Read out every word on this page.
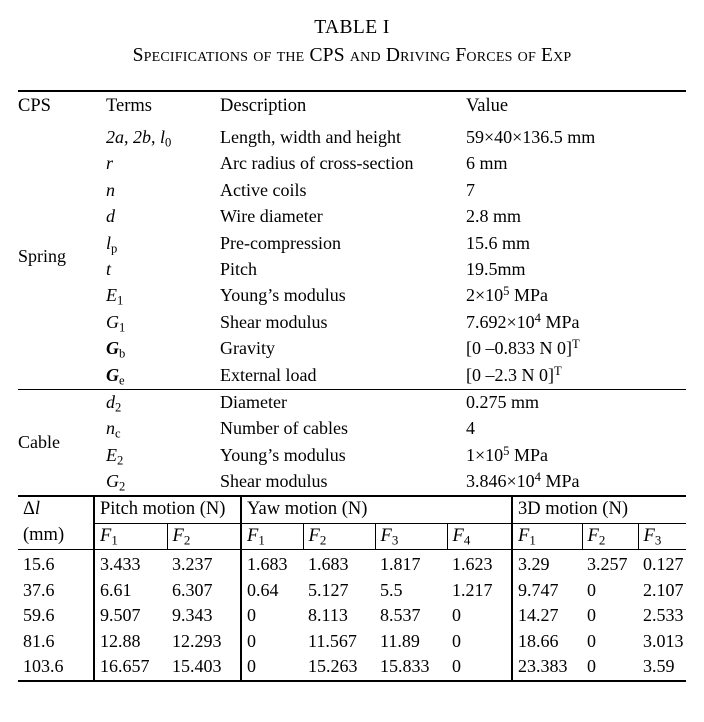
TABLE I
Specifications of the CPS and Driving Forces of Exp
CPS	Terms	Description	Value
Spring	2a, 2b, $l_0$	Length, width and height	59×40×136.5 mm
	r	Arc radius of cross-section	6 mm
	n	Active coils	7
	d	Wire diameter	2.8 mm
	$l_p$	Pre-compression	15.6 mm
	t	Pitch	19.5mm
	$E_1$	Young’s modulus	$2\times 10^5$ MPa
	$G_1$	Shear modulus	$7.692\times 10^4$ MPa
	$G_b$	Gravity	[0 –0.833 N 0]$^T$
	$G_e$	External load	[0 –2.3 N 0]$^T$

Cable	$d_2$	Diameter	0.275 mm
	$n_c$	Number of cables	4
	$E_2$	Young’s modulus	$1\times 10^5$ MPa
	$G_2$	Shear modulus	$3.846\times 10^4$ MPa

Δl
(mm)	Pitch motion (N)		Yaw motion (N)				3D motion (N)		
	$F_1$	$F_2$	$F_1$	$F_2$	$F_3$	$F_4$	$F_1$	$F_2$	$F_3$
15.6	3.433	3.237	1.683	1.683	1.817	1.623	3.29	3.257	0.127
37.6	6.61	6.307	0.64	5.127	5.5	1.217	9.747	0	2.107
59.6	9.507	9.343	0	8.113	8.537	0	14.27	0	2.533
81.6	12.88	12.293	0	11.567	11.89	0	18.66	0	3.013
103.6	16.657	15.403	0	15.263	15.833	0	23.383	0	3.59
